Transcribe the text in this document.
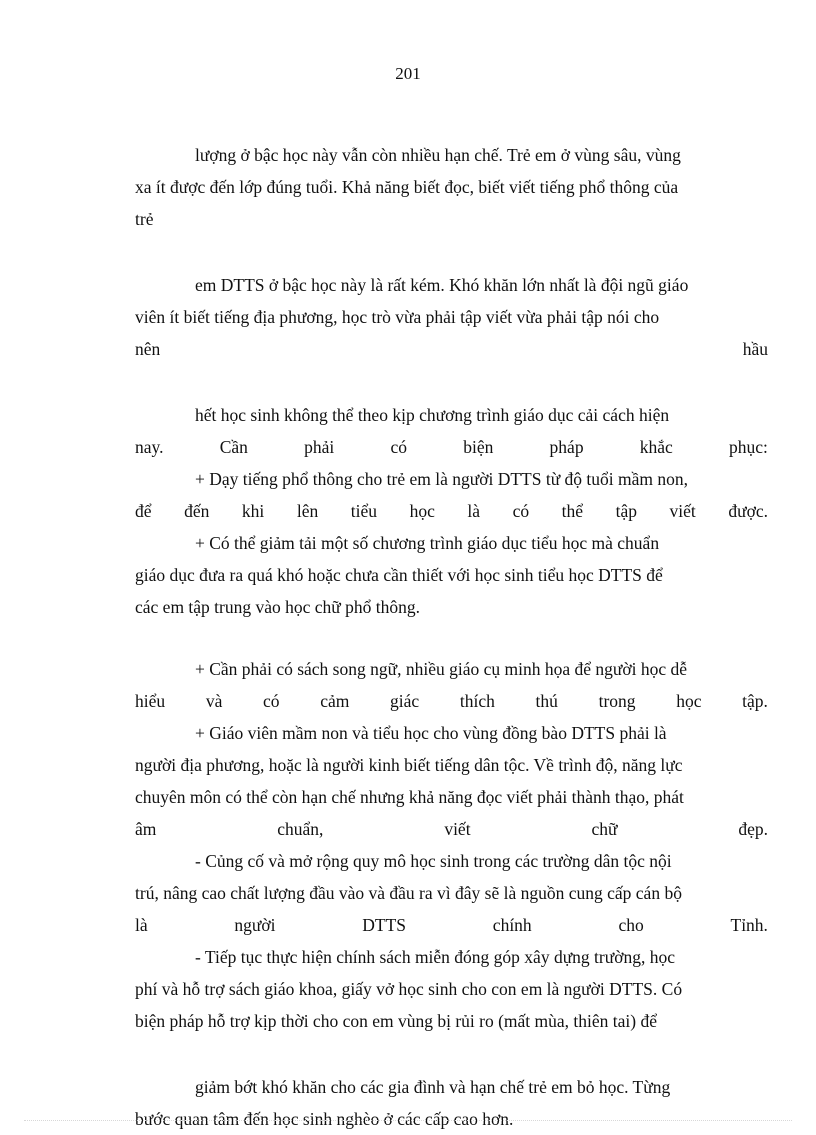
201
lượng ở bậc học này vẫn còn nhiều hạn chế. Trẻ em ở vùng sâu, vùng
xa ít được đến lớp đúng tuổi. Khả năng biết đọc, biết viết tiếng phổ thông của
trẻ
em DTTS ở bậc học này là rất kém. Khó khăn lớn nhất là đội ngũ giáo
viên ít biết tiếng địa phương, học trò vừa phải tập viết vừa phải tập nói cho
nên	hầu
hết học sinh không thể theo kịp chương trình giáo dục cải cách hiện
nay.	Cần	phải	có	biện	pháp	khắc	phục:
+ Dạy tiếng phổ thông cho trẻ em là người DTTS từ độ tuổi mầm non,
để đến khi lên tiểu học là có thể tập viết được.
+ Có thể giảm tải một số chương trình giáo dục tiểu học mà chuẩn
giáo dục đưa ra quá khó hoặc chưa cần thiết với học sinh tiểu học DTTS để
các em tập trung vào học chữ phổ thông.
+ Cần phải có sách song ngữ, nhiều giáo cụ minh họa để người học dễ
hiểu và có cảm giác thích thú trong học tập.
+ Giáo viên mầm non và tiểu học cho vùng đồng bào DTTS phải là
người địa phương, hoặc là người kinh biết tiếng dân tộc. Về trình độ, năng lực
chuyên môn có thể còn hạn chế nhưng khả năng đọc viết phải thành thạo, phát
âm	chuẩn,	viết	chữ	đẹp.
- Củng cố và mở rộng quy mô học sinh trong các trường dân tộc nội
trú, nâng cao chất lượng đầu vào và đầu ra vì đây sẽ là nguồn cung cấp cán bộ
là	người	DTTS	chính	cho	Tỉnh.
- Tiếp tục thực hiện chính sách miễn đóng góp xây dựng trường, học
phí và hỗ trợ sách giáo khoa, giấy vở học sinh cho con em là người DTTS. Có
biện pháp hỗ trợ kịp thời cho con em vùng bị rủi ro (mất mùa, thiên tai) để
giảm bớt khó khăn cho các gia đình và hạn chế trẻ em bỏ học. Từng
bước quan tâm đến học sinh nghèo ở các cấp cao hơn.
